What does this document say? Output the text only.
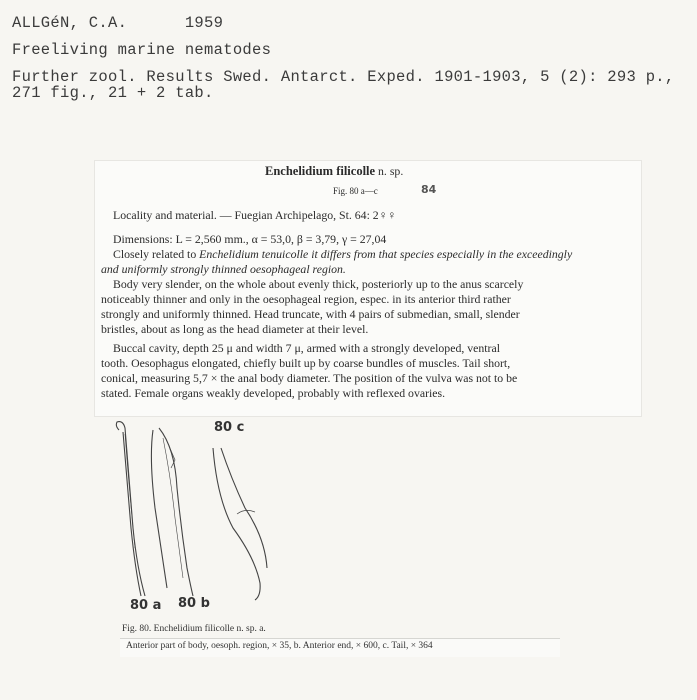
ALLGéN, C.A.      1959
Freeliving marine nematodes
Further zool. Results Swed. Antarct. Exped. 1901-1903, 5 (2): 293 p.,
271 fig., 21 + 2 tab.
Enchelidium filicolle n. sp.
Fig. 80 a—c	84
Locality and material. — Fuegian Archipelago, St. 64: 2♀♀
Dimensions: L = 2,560 mm., α = 53,0, β = 3,79, γ = 27,04
Closely related to Enchelidium tenuicolle it differs from that species especially in the exceedingly
and uniformly strongly thinned oesophageal region.
Body very slender, on the whole about evenly thick, posteriorly up to the anus scarcely
noticeably thinner and only in the oesophageal region, espec. in its anterior third rather
strongly and uniformly thinned. Head truncate, with 4 pairs of submedian, small, slender
bristles, about as long as the head diameter at their level.
Buccal cavity, depth 25 μ and width 7 μ, armed with a strongly developed, ventral
tooth. Oesophagus elongated, chiefly built up by coarse bundles of muscles. Tail short,
conical, measuring 5,7 × the anal body diameter. The position of the vulva was not to be
stated. Female organs weakly developed, probably with reflexed ovaries.
80 c
80 a 80 b
Fig. 80. Enchelidium filicolle n. sp. a.
Anterior part of body, oesoph. region, × 35, b. Anterior end, × 600, c. Tail, × 364
